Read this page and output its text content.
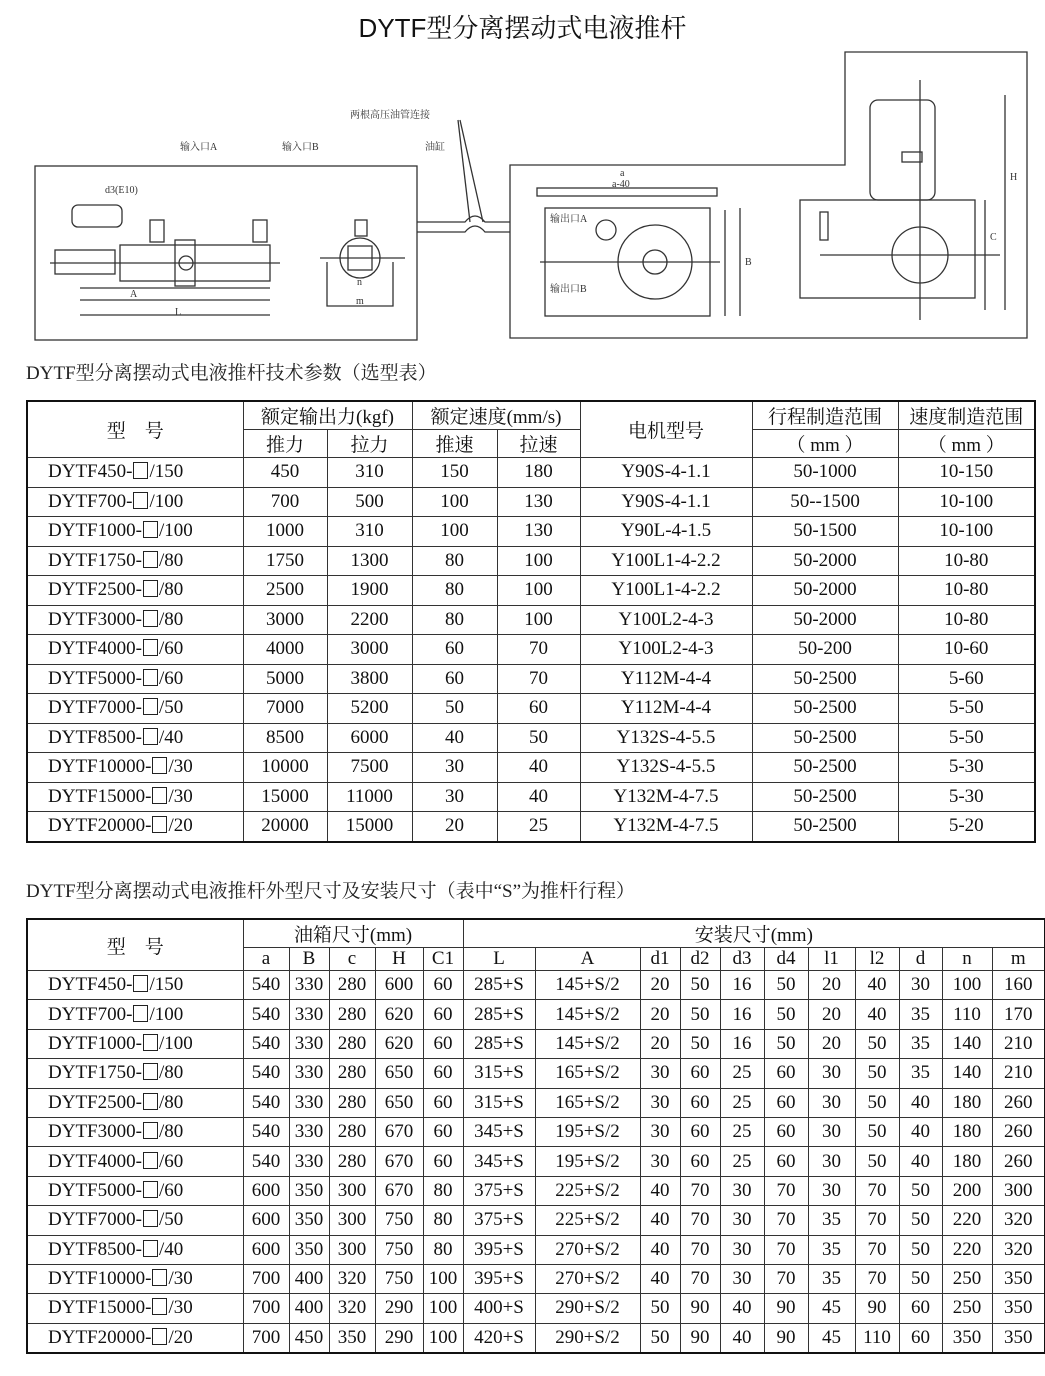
DYTF型分离摆动式电液推杆
两根高压油管连接
输入口A	输入口B	油缸
d3(E10)
输出口A
输出口B
A
L
n
m
a
a-40
B
C
H
DYTF型分离摆动式电液推杆技术参数（选型表）
型　号	额定输出力(kgf)		额定速度(mm/s)		电机型号	行程制造范围	速度制造范围
	推力	拉力	推速	拉速		（ mm ）	（ mm ）
DYTF450- /150	450	310	150	180	Y90S-4-1.1	50-1000	10-150
DYTF700- /100	700	500	100	130	Y90S-4-1.1	50--1500	10-100
DYTF1000- /100	1000	310	100	130	Y90L-4-1.5	50-1500	10-100
DYTF1750- /80	1750	1300	80	100	Y100L1-4-2.2	50-2000	10-80
DYTF2500- /80	2500	1900	80	100	Y100L1-4-2.2	50-2000	10-80
DYTF3000- /80	3000	2200	80	100	Y100L2-4-3	50-2000	10-80
DYTF4000- /60	4000	3000	60	70	Y100L2-4-3	50-200	10-60
DYTF5000- /60	5000	3800	60	70	Y112M-4-4	50-2500	5-60
DYTF7000- /50	7000	5200	50	60	Y112M-4-4	50-2500	5-50
DYTF8500- /40	8500	6000	40	50	Y132S-4-5.5	50-2500	5-50
DYTF10000- /30	10000	7500	30	40	Y132S-4-5.5	50-2500	5-30
DYTF15000- /30	15000	11000	30	40	Y132M-4-7.5	50-2500	5-30
DYTF20000- /20	20000	15000	20	25	Y132M-4-7.5	50-2500	5-20
DYTF型分离摆动式电液推杆外型尺寸及安装尺寸（表中“S”为推杆行程）
型　号	油箱尺寸(mm)					安装尺寸(mm)										
	a	B	c	H	C1	L	A	d1	d2	d3	d4	l1	l2	d	n	m
DYTF450- /150	540	330	280	600	60	285+S	145+S/2	20	50	16	50	20	40	30	100	160
DYTF700- /100	540	330	280	620	60	285+S	145+S/2	20	50	16	50	20	40	35	110	170
DYTF1000- /100	540	330	280	620	60	285+S	145+S/2	20	50	16	50	20	50	35	140	210
DYTF1750- /80	540	330	280	650	60	315+S	165+S/2	30	60	25	60	30	50	35	140	210
DYTF2500- /80	540	330	280	650	60	315+S	165+S/2	30	60	25	60	30	50	40	180	260
DYTF3000- /80	540	330	280	670	60	345+S	195+S/2	30	60	25	60	30	50	40	180	260
DYTF4000- /60	540	330	280	670	60	345+S	195+S/2	30	60	25	60	30	50	40	180	260
DYTF5000- /60	600	350	300	670	80	375+S	225+S/2	40	70	30	70	30	70	50	200	300
DYTF7000- /50	600	350	300	750	80	375+S	225+S/2	40	70	30	70	35	70	50	220	320
DYTF8500- /40	600	350	300	750	80	395+S	270+S/2	40	70	30	70	35	70	50	220	320
DYTF10000- /30	700	400	320	750	100	395+S	270+S/2	40	70	30	70	35	70	50	250	350
DYTF15000- /30	700	400	320	290	100	400+S	290+S/2	50	90	40	90	45	90	60	250	350
DYTF20000- /20	700	450	350	290	100	420+S	290+S/2	50	90	40	90	45	110	60	350	350
